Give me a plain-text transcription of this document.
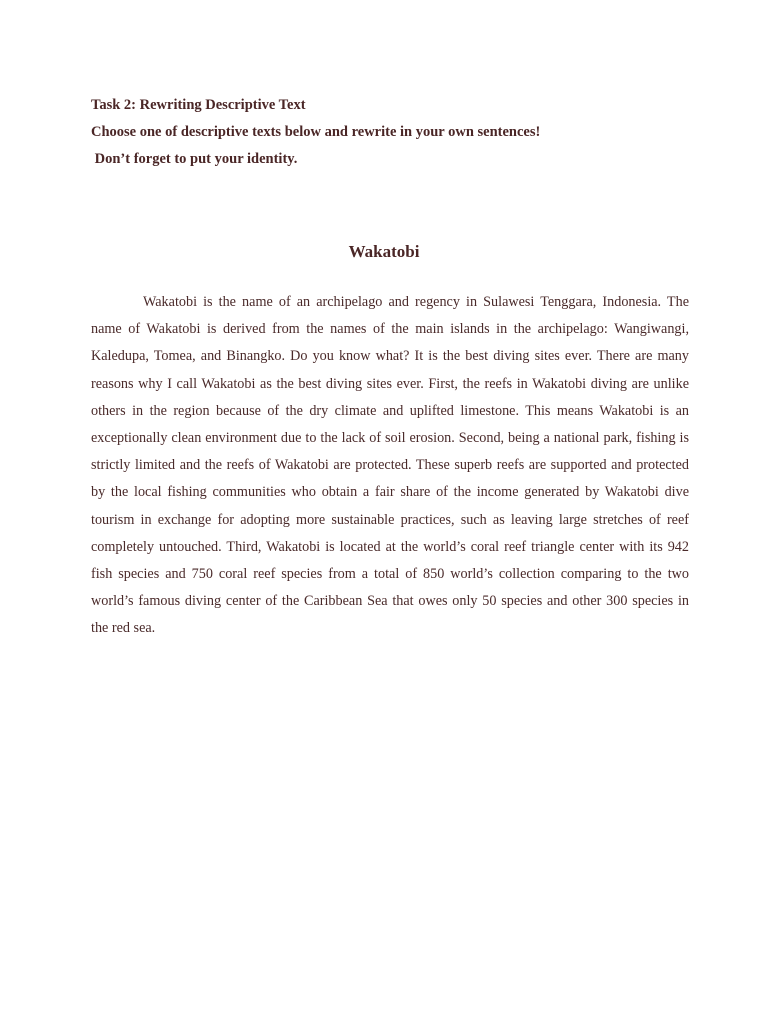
Task 2: Rewriting Descriptive Text
Choose one of descriptive texts below and rewrite in your own sentences!
Don’t forget to put your identity.
Wakatobi

Wakatobi is the name of an archipelago and regency in Sulawesi Tenggara, Indonesia. The name of Wakatobi is derived from the names of the main islands in the archipelago: Wangiwangi, Kaledupa, Tomea, and Binangko. Do you know what? It is the best diving sites ever. There are many reasons why I call Wakatobi as the best diving sites ever. First, the reefs in Wakatobi diving are unlike others in the region because of the dry climate and uplifted limestone. This means Wakatobi is an exceptionally clean environment due to the lack of soil erosion. Second, being a national park, fishing is strictly limited and the reefs of Wakatobi are protected. These superb reefs are supported and protected by the local fishing communities who obtain a fair share of the income generated by Wakatobi dive tourism in exchange for adopting more sustainable practices, such as leaving large stretches of reef completely untouched. Third, Wakatobi is located at the world’s coral reef triangle center with its 942 fish species and 750 coral reef species from a total of 850 world’s collection comparing to the two world’s famous diving center of the Caribbean Sea that owes only 50 species and other 300 species in the red sea.
